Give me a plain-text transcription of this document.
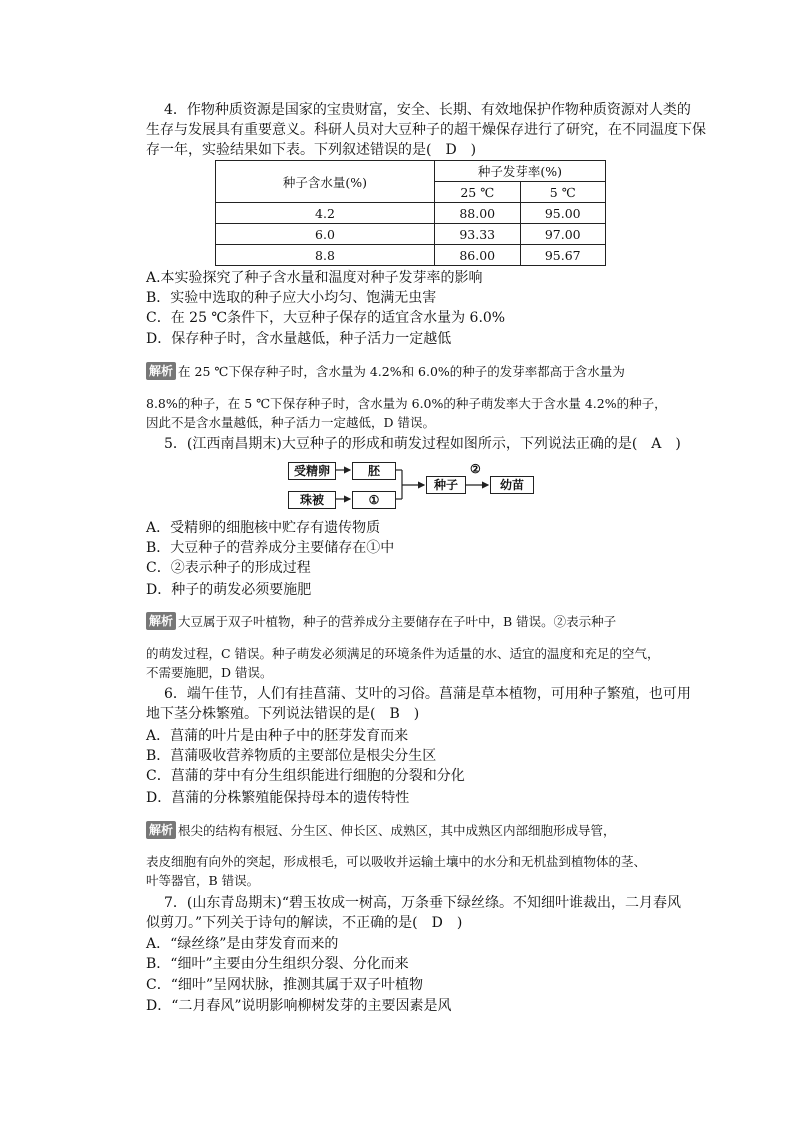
4．作物种质资源是国家的宝贵财富，安全、长期、有效地保护作物种质资源对人类的
生存与发展具有重要意义。科研人员对大豆种子的超干燥保存进行了研究，在不同温度下保
存一年，实验结果如下表。下列叙述错误的是(　D　)
种子含水量(%)	种子发芽率(%)	
	25 ℃	5 ℃
4.2	88.00	95.00
6.0	93.33	97.00
8.8	86.00	95.67
A.本实验探究了种子含水量和温度对种子发芽率的影响
B．实验中选取的种子应大小均匀、饱满无虫害
C．在 25 ℃条件下，大豆种子保存的适宜含水量为 6.0%
D．保存种子时，含水量越低，种子活力一定越低
解析 在 25 ℃下保存种子时，含水量为 4.2%和 6.0%的种子的发芽率都高于含水量为
8.8%的种子，在 5 ℃下保存种子时，含水量为 6.0%的种子萌发率大于含水量 4.2%的种子，
因此不是含水量越低，种子活力一定越低，D 错误。
5．(江西南昌期末)大豆种子的形成和萌发过程如图所示，下列说法正确的是(　A　)
受精卵	胚
珠被	①
种子
②
幼苗
A．受精卵的细胞核中贮存有遗传物质
B．大豆种子的营养成分主要储存在①中
C．②表示种子的形成过程
D．种子的萌发必须要施肥
解析 大豆属于双子叶植物，种子的营养成分主要储存在子叶中，B 错误。②表示种子
的萌发过程，C 错误。种子萌发必须满足的环境条件为适量的水、适宜的温度和充足的空气，
不需要施肥，D 错误。
6．端午佳节，人们有挂菖蒲、艾叶的习俗。菖蒲是草本植物，可用种子繁殖，也可用
地下茎分株繁殖。下列说法错误的是(　B　)
A．菖蒲的叶片是由种子中的胚芽发育而来
B．菖蒲吸收营养物质的主要部位是根尖分生区
C．菖蒲的芽中有分生组织能进行细胞的分裂和分化
D．菖蒲的分株繁殖能保持母本的遗传特性
解析 根尖的结构有根冠、分生区、伸长区、成熟区，其中成熟区内部细胞形成导管，
表皮细胞有向外的突起，形成根毛，可以吸收并运输土壤中的水分和无机盐到植物体的茎、
叶等器官，B 错误。
7．(山东青岛期末)“碧玉妆成一树高，万条垂下绿丝绦。不知细叶谁裁出，二月春风
似剪刀。”下列关于诗句的解读，不正确的是(　D　)
A．“绿丝绦”是由芽发育而来的
B．“细叶”主要由分生组织分裂、分化而来
C．“细叶”呈网状脉，推测其属于双子叶植物
D．“二月春风”说明影响柳树发芽的主要因素是风
